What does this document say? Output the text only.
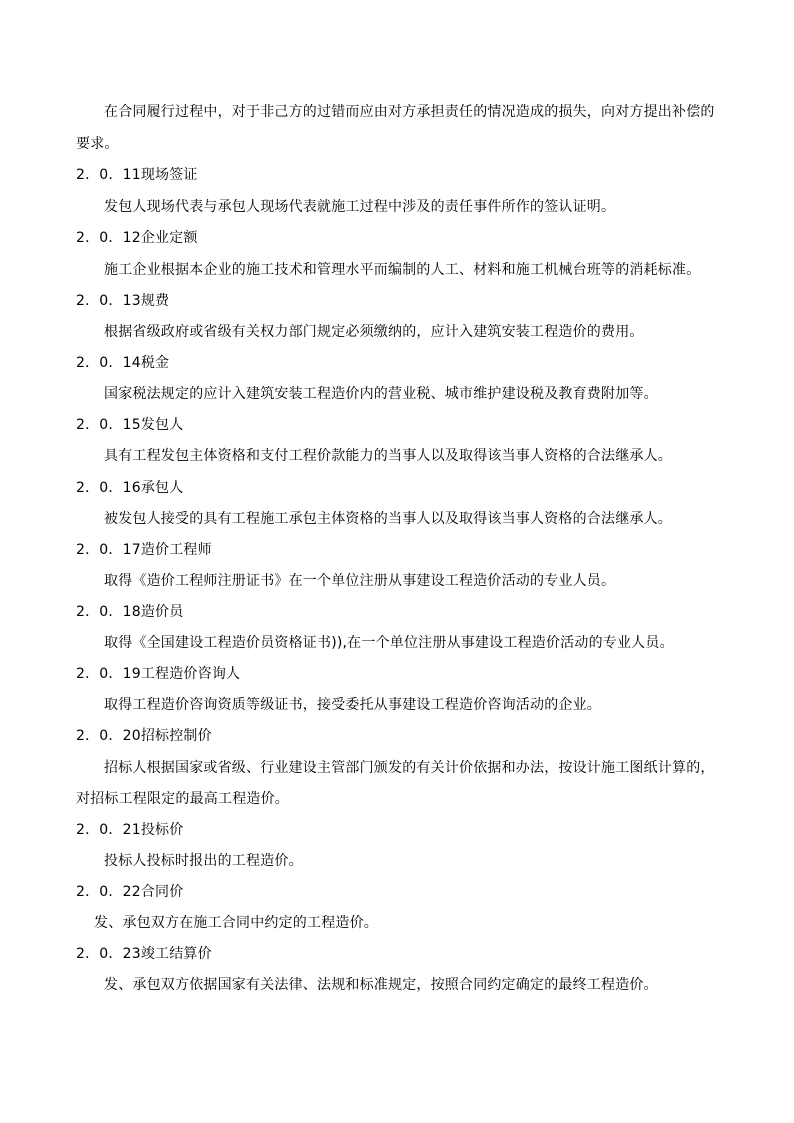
在合同履行过程中，对于非己方的过错而应由对方承担责任的情况造成的损失，向对方提出补偿的
要求。
2．0．11现场签证
发包人现场代表与承包人现场代表就施工过程中涉及的责任事件所作的签认证明。
2．0．12企业定额
施工企业根据本企业的施工技术和管理水平而编制的人工、材料和施工机械台班等的消耗标准。
2．0．13规费
根据省级政府或省级有关权力部门规定必须缴纳的，应计入建筑安装工程造价的费用。
2．0．14税金
国家税法规定的应计入建筑安装工程造价内的营业税、城市维护建设税及教育费附加等。
2．0．15发包人
具有工程发包主体资格和支付工程价款能力的当事人以及取得该当事人资格的合法继承人。
2．0．16承包人
被发包人接受的具有工程施工承包主体资格的当事人以及取得该当事人资格的合法继承人。
2．0．17造价工程师
取得《造价工程师注册证书》在一个单位注册从事建设工程造价活动的专业人员。
2．0．18造价员
取得《全国建设工程造价员资格证书)),在一个单位注册从事建设工程造价活动的专业人员。
2．0．19工程造价咨询人
取得工程造价咨询资质等级证书，接受委托从事建设工程造价咨询活动的企业。
2．0．20招标控制价
招标人根据国家或省级、行业建设主管部门颁发的有关计价依据和办法，按设计施工图纸计算的，
对招标工程限定的最高工程造价。
2．0．21投标价
投标人投标时报出的工程造价。
2．0．22合同价
发、承包双方在施工合同中约定的工程造价。
2．0．23竣工结算价
发、承包双方依据国家有关法律、法规和标准规定，按照合同约定确定的最终工程造价。
